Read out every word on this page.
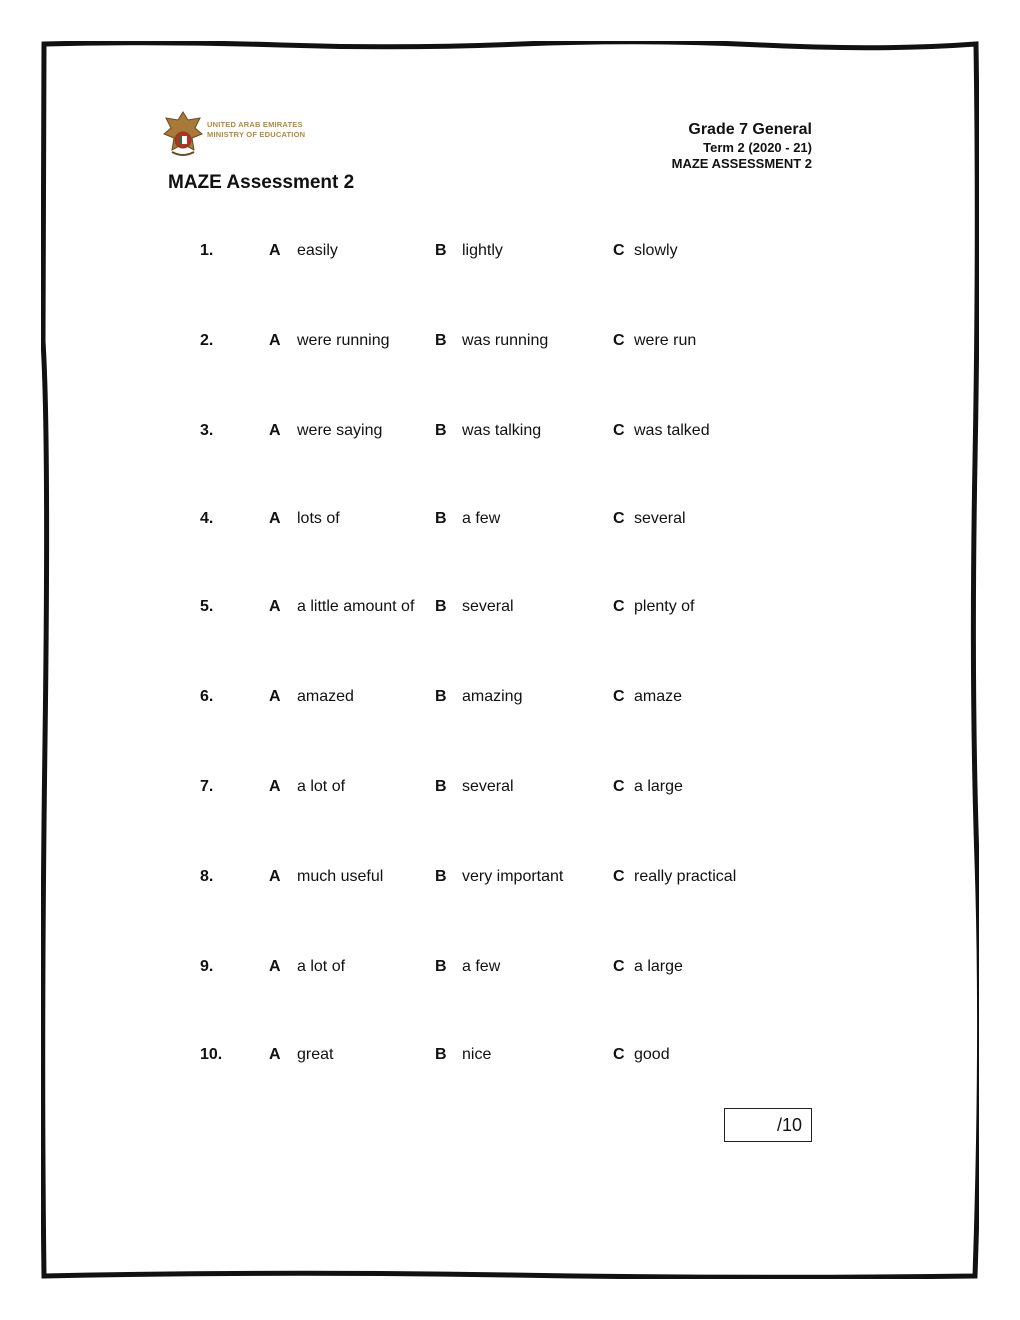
UNITED ARAB EMIRATES
MINISTRY OF EDUCATION	Grade 7 General
Term 2 (2020 - 21)
MAZE ASSESSMENT 2
MAZE Assessment 2
1.	A easily	B lightly	C slowly
2.	A were running	B was running	C were run
3.	A were saying	B was talking	C was talked
4.	A lots of	B a few	C several
5.	A a little amount of B several	C plenty of
6.	A amazed	B amazing	C amaze
7.	A a lot of	B several	C a large
8.	A much useful	B very important	C really practical
9.	A a lot of	B a few	C a large
10.	A great	B nice	C good
/10
